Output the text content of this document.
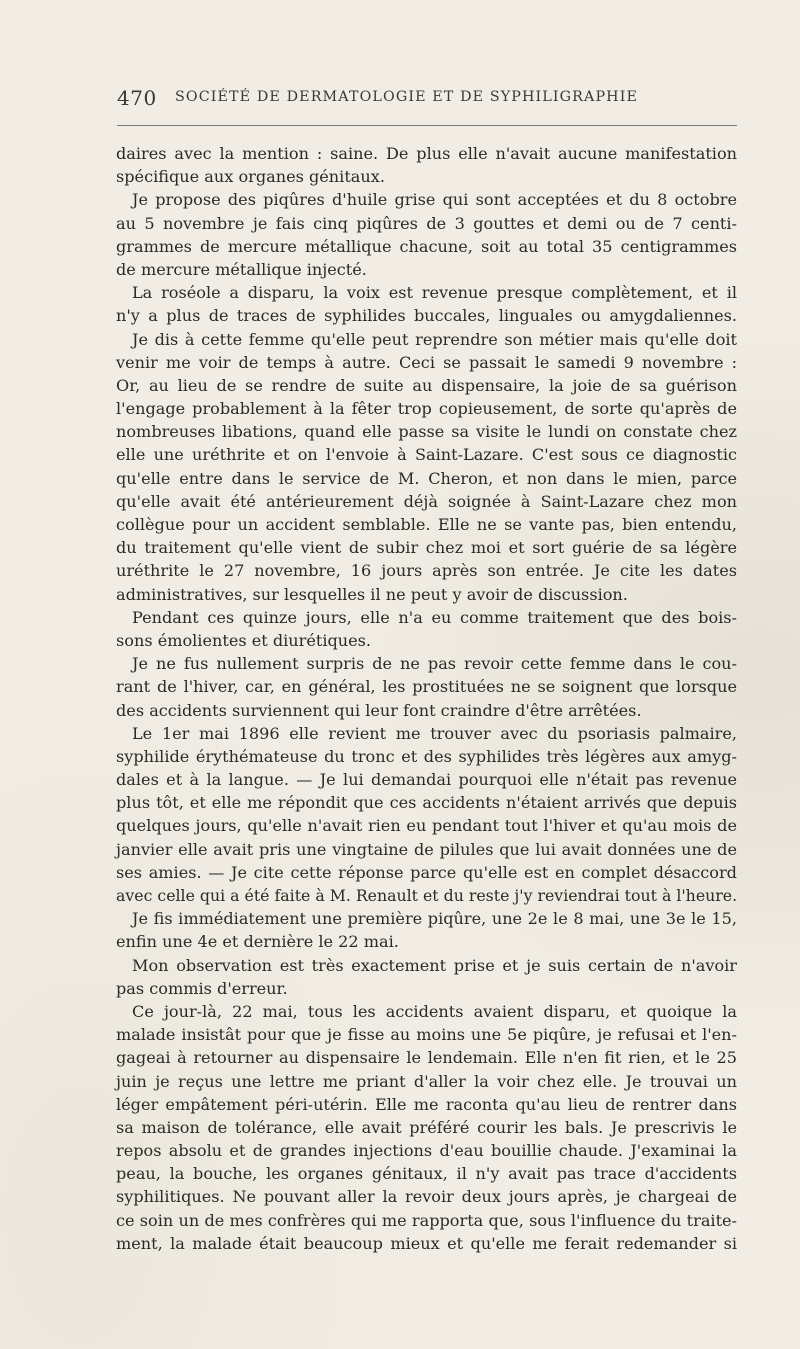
470 SOCIÉTÉ DE DERMATOLOGIE ET DE SYPHILIGRAPHIE
daires avec la mention : saine. De plus elle n'avait aucune manifestation
spécifique aux organes génitaux.
Je propose des piqûres d'huile grise qui sont acceptées et du 8 octobre
au 5 novembre je fais cinq piqûres de 3 gouttes et demi ou de 7 centi-
grammes de mercure métallique chacune, soit au total 35 centigrammes
de mercure métallique injecté.
La roséole a disparu, la voix est revenue presque complètement, et il
n'y a plus de traces de syphilides buccales, linguales ou amygdaliennes.
Je dis à cette femme qu'elle peut reprendre son métier mais qu'elle doit
venir me voir de temps à autre. Ceci se passait le samedi 9 novembre :
Or, au lieu de se rendre de suite au dispensaire, la joie de sa guérison
l'engage probablement à la fêter trop copieusement, de sorte qu'après de
nombreuses libations, quand elle passe sa visite le lundi on constate chez
elle une uréthrite et on l'envoie à Saint-Lazare. C'est sous ce diagnostic
qu'elle entre dans le service de M. Cheron, et non dans le mien, parce
qu'elle avait été antérieurement déjà soignée à Saint-Lazare chez mon
collègue pour un accident semblable. Elle ne se vante pas, bien entendu,
du traitement qu'elle vient de subir chez moi et sort guérie de sa légère
uréthrite le 27 novembre, 16 jours après son entrée. Je cite les dates
administratives, sur lesquelles il ne peut y avoir de discussion.
Pendant ces quinze jours, elle n'a eu comme traitement que des bois-
sons émolientes et diurétiques.
Je ne fus nullement surpris de ne pas revoir cette femme dans le cou-
rant de l'hiver, car, en général, les prostituées ne se soignent que lorsque
des accidents surviennent qui leur font craindre d'être arrêtées.
Le 1er mai 1896 elle revient me trouver avec du psoriasis palmaire,
syphilide érythémateuse du tronc et des syphilides très légères aux amyg-
dales et à la langue. — Je lui demandai pourquoi elle n'était pas revenue
plus tôt, et elle me répondit que ces accidents n'étaient arrivés que depuis
quelques jours, qu'elle n'avait rien eu pendant tout l'hiver et qu'au mois de
janvier elle avait pris une vingtaine de pilules que lui avait données une de
ses amies. — Je cite cette réponse parce qu'elle est en complet désaccord
avec celle qui a été faite à M. Renault et du reste j'y reviendrai tout à l'heure.
Je fis immédiatement une première piqûre, une 2e le 8 mai, une 3e le 15,
enfin une 4e et dernière le 22 mai.
Mon observation est très exactement prise et je suis certain de n'avoir
pas commis d'erreur.
Ce jour-là, 22 mai, tous les accidents avaient disparu, et quoique la
malade insistât pour que je fisse au moins une 5e piqûre, je refusai et l'en-
gageai à retourner au dispensaire le lendemain. Elle n'en fit rien, et le 25
juin je reçus une lettre me priant d'aller la voir chez elle. Je trouvai un
léger empâtement péri-utérin. Elle me raconta qu'au lieu de rentrer dans
sa maison de tolérance, elle avait préféré courir les bals. Je prescrivis le
repos absolu et de grandes injections d'eau bouillie chaude. J'examinai la
peau, la bouche, les organes génitaux, il n'y avait pas trace d'accidents
syphilitiques. Ne pouvant aller la revoir deux jours après, je chargeai de
ce soin un de mes confrères qui me rapporta que, sous l'influence du traite-
ment, la malade était beaucoup mieux et qu'elle me ferait redemander si
